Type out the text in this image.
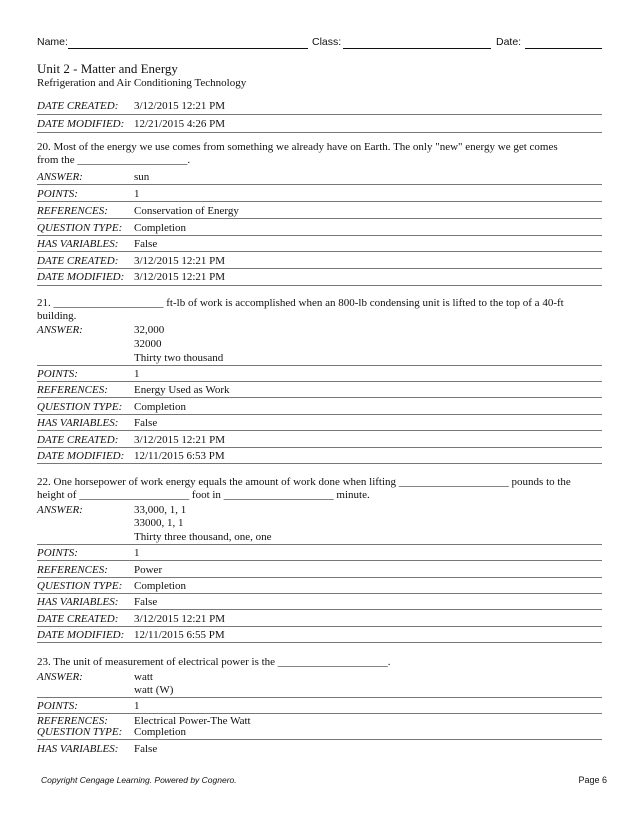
Name:	Class:	Date:
Unit 2 - Matter and Energy
Refrigeration and Air Conditioning Technology
DATE CREATED:	3/12/2015 12:21 PM
DATE MODIFIED: 12/21/2015 4:26 PM
20. Most of the energy we use comes from something we already have on Earth. The only "new" energy we get comes
from the ____________________.
ANSWER:	sun
POINTS:	1
REFERENCES:	Conservation of Energy
QUESTION TYPE:	Completion
HAS VARIABLES:	False
DATE CREATED:	3/12/2015 12:21 PM
DATE MODIFIED: 3/12/2015 12:21 PM
21. ____________________ ft-lb of work is accomplished when an 800-lb condensing unit is lifted to the top of a 40-ft
building.
ANSWER:	32,000
32000
Thirty two thousand
POINTS:	1
REFERENCES:	Energy Used as Work
QUESTION TYPE:	Completion
HAS VARIABLES:	False
DATE CREATED:	3/12/2015 12:21 PM
DATE MODIFIED: 12/11/2015 6:53 PM
22. One horsepower of work energy equals the amount of work done when lifting ____________________ pounds to the
height of ____________________ foot in ____________________ minute.
ANSWER:	33,000, 1, 1
33000, 1, 1
Thirty three thousand, one, one
POINTS:	1
REFERENCES:	Power
QUESTION TYPE:	Completion
HAS VARIABLES:	False
DATE CREATED:	3/12/2015 12:21 PM
DATE MODIFIED: 12/11/2015 6:55 PM
23. The unit of measurement of electrical power is the ____________________.
ANSWER:	watt
watt (W)
POINTS:	1
REFERENCES:	Electrical Power-The Watt
QUESTION TYPE:	Completion
HAS VARIABLES:	False
Copyright Cengage Learning. Powered by Cognero.	Page 6
